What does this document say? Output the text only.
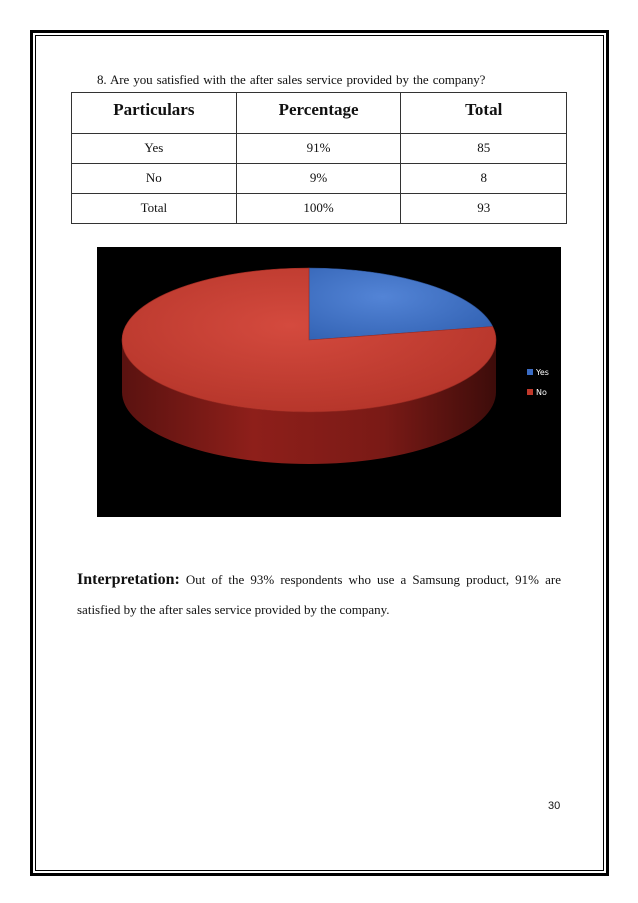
8. Are you satisfied with the after sales service provided by the company?
Particulars	Percentage	Total
Yes	91%	85
No	9%	8
Total	100%	93
Yes
No
Interpretation: Out of the 93% respondents who use a Samsung product, 91% are satisfied by the after sales service provided by the company.
30
